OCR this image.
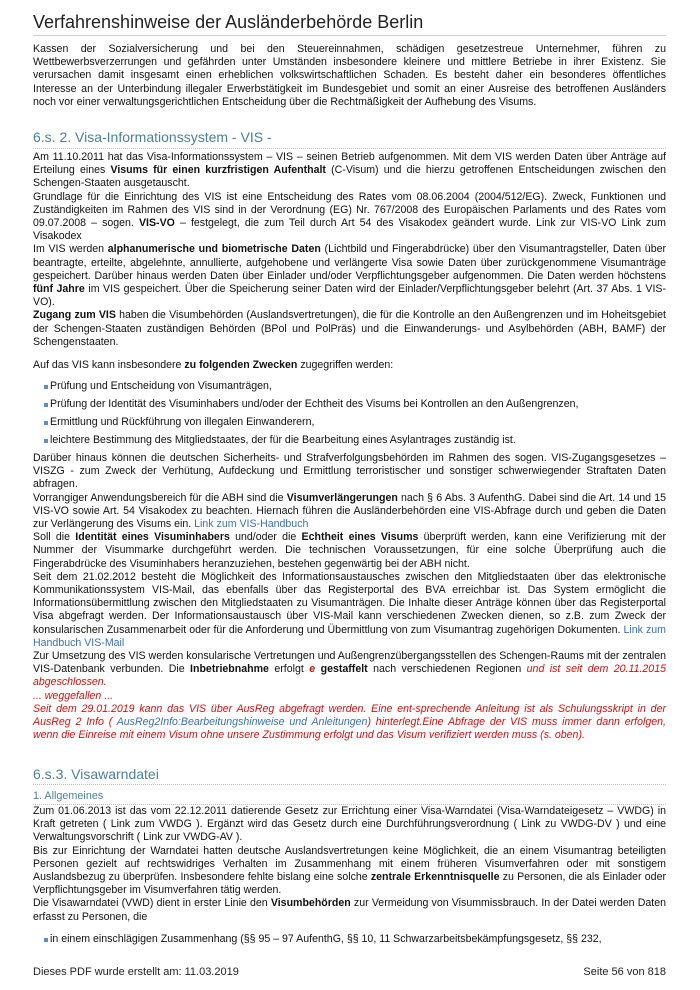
Verfahrenshinweise der Ausländerbehörde Berlin

Kassen der Sozialversicherung und bei den Steuereinnahmen, schädigen gesetzestreue Unternehmer, führen zu Wettbewerbsverzerrungen und gefährden unter Umständen insbesondere kleinere und mittlere Betriebe in ihrer Existenz. Sie verursachen damit insgesamt einen erheblichen volkswirtschaftlichen Schaden. Es besteht daher ein besonderes öffentliches Interesse an der Unterbindung illegaler Erwerbstätigkeit im Bundesgebiet und somit an einer Ausreise des betroffenen Ausländers noch vor einer verwaltungsgerichtlichen Entscheidung über die Rechtmäßigkeit der Aufhebung des Visums.

6.s. 2. Visa-Informationssystem - VIS -

Am 11.10.2011 hat das Visa-Informationssystem – VIS – seinen Betrieb aufgenommen. Mit dem VIS werden Daten über Anträge auf Erteilung eines Visums für einen kurzfristigen Aufenthalt (C-Visum) und die hierzu getroffenen Entscheidungen zwischen den Schengen-Staaten ausgetauscht.

Grundlage für die Einrichtung des VIS ist eine Entscheidung des Rates vom 08.06.2004 (2004/512/EG). Zweck, Funktionen und Zuständigkeiten im Rahmen des VIS sind in der Verordnung (EG) Nr. 767/2008 des Europäischen Parlaments und des Rates vom 09.07.2008 – sogen. VIS-VO – festgelegt, die zum Teil durch Art 54 des Visakodex geändert wurde. Link zur VIS-VO Link zum Visakodex

Im VIS werden alphanumerische und biometrische Daten (Lichtbild und Fingerabdrücke) über den Visumantragsteller, Daten über beantragte, erteilte, abgelehnte, annullierte, aufgehobene und verlängerte Visa sowie Daten über zurückgenommene Visumanträge gespeichert. Darüber hinaus werden Daten über Einlader und/oder Verpflichtungsgeber aufgenommen. Die Daten werden höchstens fünf Jahre im VIS gespeichert. Über die Speicherung seiner Daten wird der Einlader/Verpflichtungsgeber belehrt (Art. 37 Abs. 1 VIS-VO).

Zugang zum VIS haben die Visumbehörden (Auslandsvertretungen), die für die Kontrolle an den Außengrenzen und im Hoheitsgebiet der Schengen-Staaten zuständigen Behörden (BPol und PolPräs) und die Einwanderungs- und Asylbehörden (ABH, BAMF) der Schengenstaaten.

Auf das VIS kann insbesondere zu folgenden Zwecken zugegriffen werden:

Prüfung und Entscheidung von Visumanträgen,
Prüfung der Identität des Visuminhabers und/oder der Echtheit des Visums bei Kontrollen an den Außengrenzen,
Ermittlung und Rückführung von illegalen Einwanderern,
leichtere Bestimmung des Mitgliedstaates, der für die Bearbeitung eines Asylantrages zuständig ist.

Darüber hinaus können die deutschen Sicherheits- und Strafverfolgungsbehörden im Rahmen des sogen. VIS-Zugangsgesetzes – VISZG - zum Zweck der Verhütung, Aufdeckung und Ermittlung terroristischer und sonstiger schwerwiegender Straftaten Daten abfragen.

Vorrangiger Anwendungsbereich für die ABH sind die Visumverlängerungen nach § 6 Abs. 3 AufenthG. Dabei sind die Art. 14 und 15 VIS-VO sowie Art. 54 Visakodex zu beachten. Hiernach führen die Ausländerbehörden eine VIS-Abfrage durch und geben die Daten zur Verlängerung des Visums ein. Link zum VIS-Handbuch

Soll die Identität eines Visuminhabers und/oder die Echtheit eines Visums überprüft werden, kann eine Verifizierung mit der Nummer der Visummarke durchgeführt werden. Die technischen Voraussetzungen, für eine solche Überprüfung auch die Fingerabdrücke des Visuminhabers heranzuziehen, bestehen gegenwärtig bei der ABH nicht.

Seit dem 21.02.2012 besteht die Möglichkeit des Informationsaustausches zwischen den Mitgliedstaaten über das elektronische Kommunikationssystem VIS-Mail, das ebenfalls über das Registerportal des BVA erreichbar ist. Das System ermöglicht die Informationsübermittlung zwischen den Mitgliedstaaten zu Visumanträgen. Die Inhalte dieser Anträge können über das Registerportal Visa abgefragt werden. Der Informationsaustausch über VIS-Mail kann verschiedenen Zwecken dienen, so z.B. zum Zweck der konsularischen Zusammenarbeit oder für die Anforderung und Übermittlung von zum Visumantrag zugehörigen Dokumenten. Link zum Handbuch VIS-Mail

Zur Umsetzung des VIS werden konsularische Vertretungen und Außengrenzübergangsstellen des Schengen-Raums mit der zentralen VIS-Datenbank verbunden. Die Inbetriebnahme erfolgt e gestaffelt nach verschiedenen Regionen und ist seit dem 20.11.2015 abgeschlossen.

... weggefallen ...

Seit dem 29.01.2019 kann das VIS über AusReg abgefragt werden. Eine ent-sprechende Anleitung ist als Schulungsskript in der AusReg 2 Info ( AusReg2Info:Bearbeitungshinweise und Anleitungen) hinterlegt.Eine Abfrage der VIS muss immer dann erfolgen, wenn die Einreise mit einem Visum ohne unsere Zustimmung erfolgt und das Visum verifiziert werden muss (s. oben).

6.s.3. Visawarndatei
1. Allgemeines

Zum 01.06.2013 ist das vom 22.12.2011 datierende Gesetz zur Errichtung einer Visa-Warndatei (Visa-Warndateigesetz – VWDG) in Kraft getreten ( Link zum VWDG ). Ergänzt wird das Gesetz durch eine Durchführungsverordnung ( Link zu VWDG-DV ) und eine Verwaltungsvorschrift ( Link zur VWDG-AV ).

Bis zur Einrichtung der Warndatei hatten deutsche Auslandsvertretungen keine Möglichkeit, die an einem Visumantrag beteiligten Personen gezielt auf rechtswidriges Verhalten im Zusammenhang mit einem früheren Visumverfahren oder mit sonstigem Auslandsbezug zu überprüfen. Insbesondere fehlte bislang eine solche zentrale Erkenntnisquelle zu Personen, die als Einlader oder Verpflichtungsgeber im Visumverfahren tätig werden.

Die Visawarndatei (VWD) dient in erster Linie den Visumbehörden zur Vermeidung von Visummissbrauch. In der Datei werden Daten erfasst zu Personen, die

in einem einschlägigen Zusammenhang (§§ 95 – 97 AufenthG, §§ 10, 11 Schwarzarbeitsbekämpfungsgesetz, §§ 232,
Dieses PDF wurde erstellt am: 11.03.2019	Seite 56 von 818
